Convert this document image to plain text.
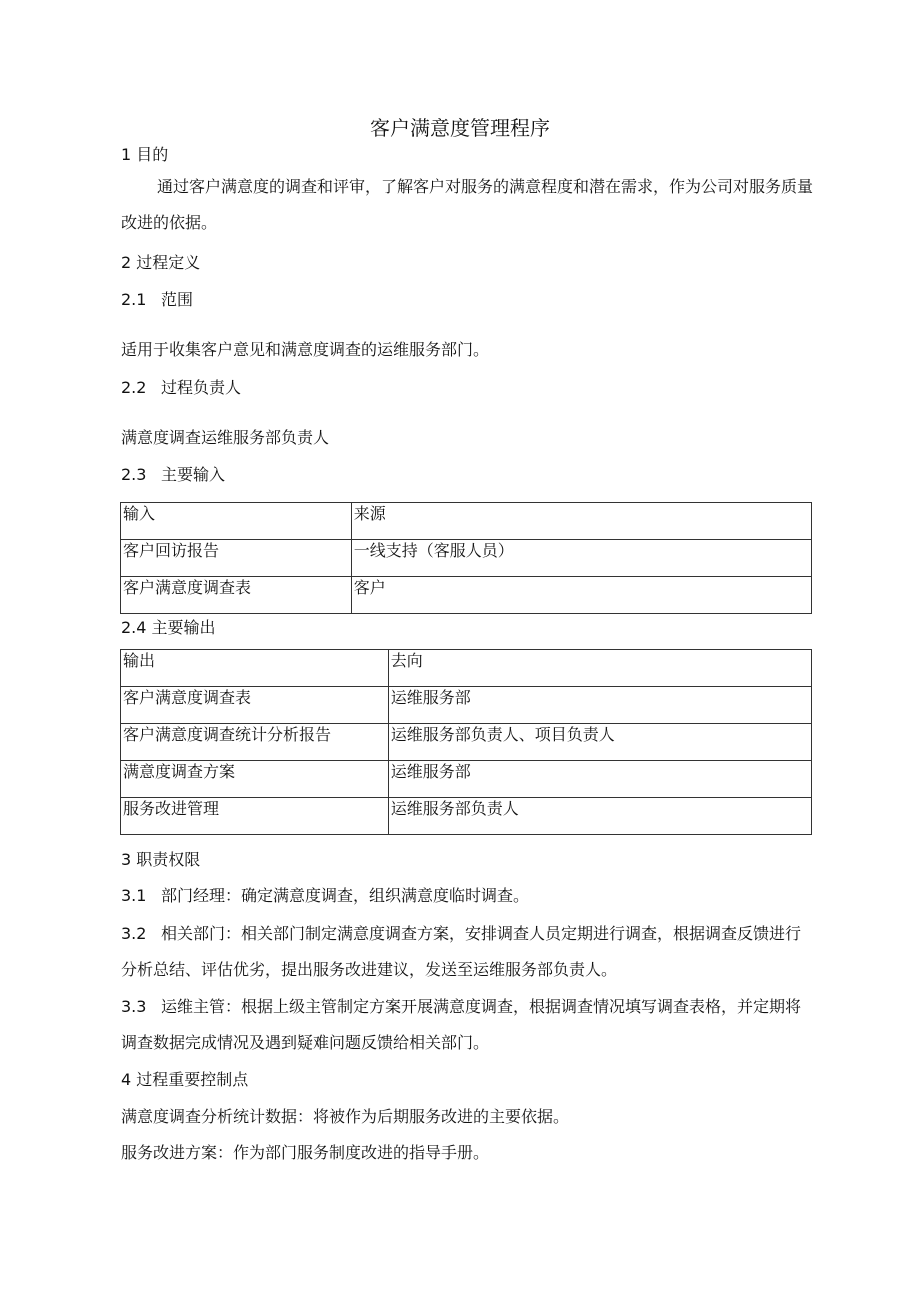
客户满意度管理程序
1 目的
通过客户满意度的调查和评审，了解客户对服务的满意程度和潜在需求，作为公司对服务质量改进的依据。
2 过程定义
2.1 范围
适用于收集客户意见和满意度调查的运维服务部门。
2.2 过程负责人
满意度调查运维服务部负责人
2.3 主要输入
输入	来源
客户回访报告	一线支持（客服人员）
客户满意度调查表	客户
2.4 主要输出
输出	去向
客户满意度调查表	运维服务部
客户满意度调查统计分析报告	运维服务部负责人、项目负责人
满意度调查方案	运维服务部
服务改进管理	运维服务部负责人
3 职责权限
3.1 部门经理：确定满意度调查，组织满意度临时调查。
3.2 相关部门：相关部门制定满意度调查方案，安排调查人员定期进行调查，根据调查反馈进行分析总结、评估优劣，提出服务改进建议，发送至运维服务部负责人。
3.3 运维主管：根据上级主管制定方案开展满意度调查，根据调查情况填写调查表格，并定期将调查数据完成情况及遇到疑难问题反馈给相关部门。
4 过程重要控制点
满意度调查分析统计数据：将被作为后期服务改进的主要依据。
服务改进方案：作为部门服务制度改进的指导手册。
